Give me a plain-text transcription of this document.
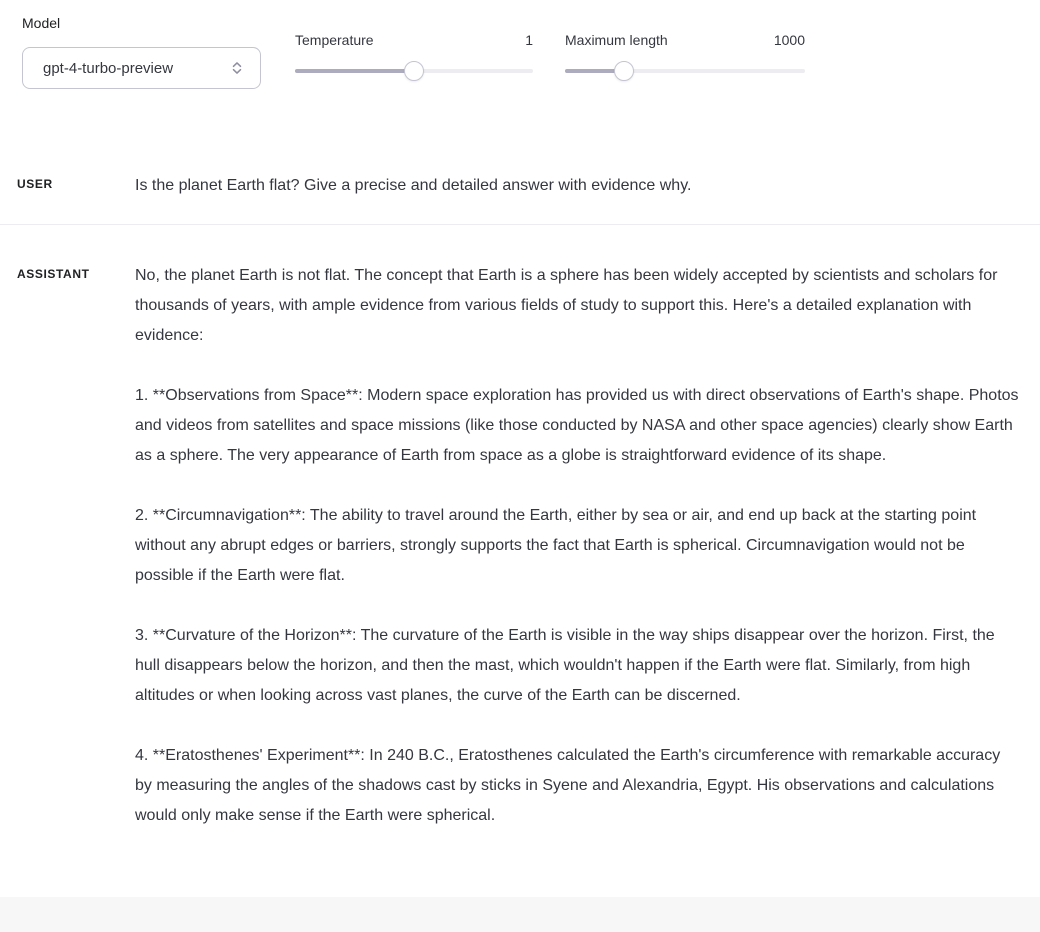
Model
gpt-4-turbo-preview
Temperature	1 Maximum length	1000
USER	Is the planet Earth flat? Give a precise and detailed answer with evidence why.

ASSISTANT	No, the planet Earth is not flat. The concept that Earth is a sphere has been widely accepted by scientists and scholars for thousands of years, with ample evidence from various fields of study to support this. Here's a detailed explanation with evidence:

1. **Observations from Space**: Modern space exploration has provided us with direct observations of Earth's shape. Photos and videos from satellites and space missions (like those conducted by NASA and other space agencies) clearly show Earth as a sphere. The very appearance of Earth from space as a globe is straightforward evidence of its shape.

2. **Circumnavigation**: The ability to travel around the Earth, either by sea or air, and end up back at the starting point without any abrupt edges or barriers, strongly supports the fact that Earth is spherical. Circumnavigation would not be possible if the Earth were flat.

3. **Curvature of the Horizon**: The curvature of the Earth is visible in the way ships disappear over the horizon. First, the hull disappears below the horizon, and then the mast, which wouldn't happen if the Earth were flat. Similarly, from high altitudes or when looking across vast planes, the curve of the Earth can be discerned.

4. **Eratosthenes' Experiment**: In 240 B.C., Eratosthenes calculated the Earth's circumference with remarkable accuracy by measuring the angles of the shadows cast by sticks in Syene and Alexandria, Egypt. His observations and calculations would only make sense if the Earth were spherical.
